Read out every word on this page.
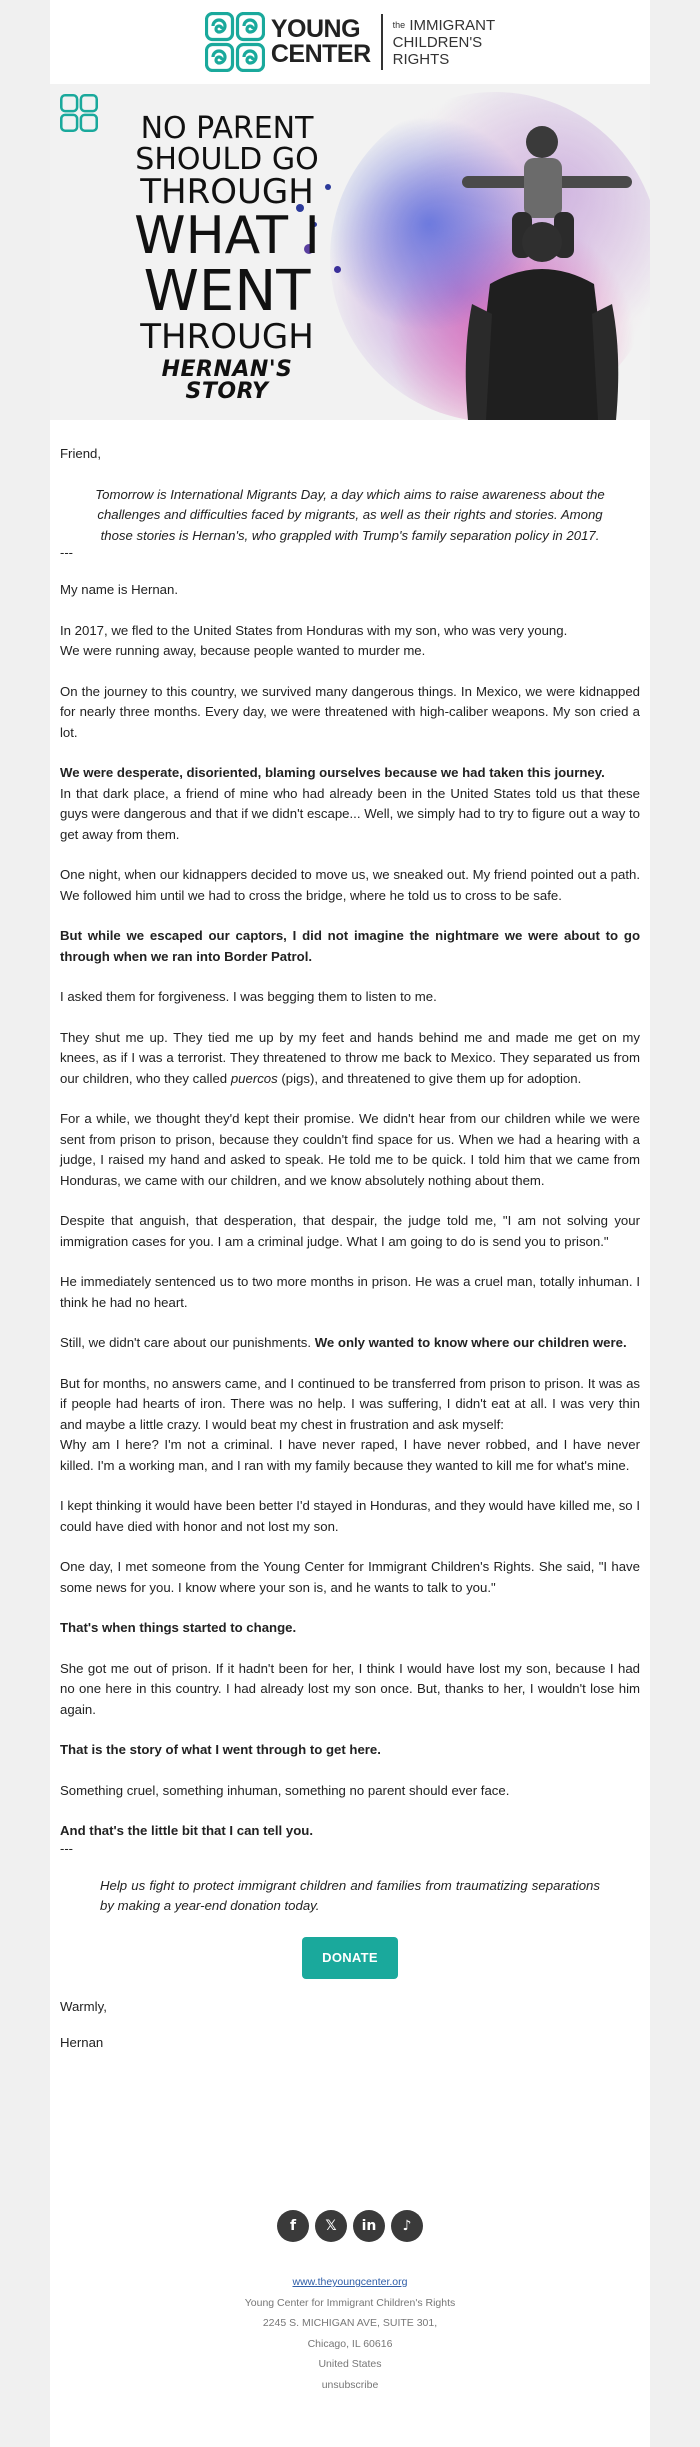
YOUNG
CENTER
$^{the}$ IMMIGRANT
CHILDREN'S
RIGHTS
NO PARENT
SHOULD GO
THROUGH
WHAT I
WENT
THROUGH
HERNAN'S STORY

Friend,

Tomorrow is International Migrants Day, a day which aims to raise awareness about the challenges and difficulties faced by migrants, as well as their rights and stories. Among those stories is Hernan's, who grappled with Trump's family separation policy in 2017.

---

My name is Hernan.

In 2017, we fled to the United States from Honduras with my son, who was very young.

We were running away, because people wanted to murder me.

On the journey to this country, we survived many dangerous things. In Mexico, we were kidnapped for nearly three months. Every day, we were threatened with high-caliber weapons. My son cried a lot.

We were desperate, disoriented, blaming ourselves because we had taken this journey.

In that dark place, a friend of mine who had already been in the United States told us that these guys were dangerous and that if we didn't escape... Well, we simply had to try to figure out a way to get away from them.

One night, when our kidnappers decided to move us, we sneaked out. My friend pointed out a path. We followed him until we had to cross the bridge, where he told us to cross to be safe.

But while we escaped our captors, I did not imagine the nightmare we were about to go through when we ran into Border Patrol.

I asked them for forgiveness. I was begging them to listen to me.

They shut me up. They tied me up by my feet and hands behind me and made me get on my knees, as if I was a terrorist. They threatened to throw me back to Mexico. They separated us from our children, who they called puercos (pigs), and threatened to give them up for adoption.

For a while, we thought they'd kept their promise. We didn't hear from our children while we were sent from prison to prison, because they couldn't find space for us. When we had a hearing with a judge, I raised my hand and asked to speak. He told me to be quick. I told him that we came from Honduras, we came with our children, and we know absolutely nothing about them.

Despite that anguish, that desperation, that despair, the judge told me, "I am not solving your immigration cases for you. I am a criminal judge. What I am going to do is send you to prison."

He immediately sentenced us to two more months in prison. He was a cruel man, totally inhuman. I think he had no heart.

Still, we didn't care about our punishments. We only wanted to know where our children were.

But for months, no answers came, and I continued to be transferred from prison to prison. It was as if people had hearts of iron. There was no help. I was suffering, I didn't eat at all. I was very thin and maybe a little crazy. I would beat my chest in frustration and ask myself:

Why am I here? I'm not a criminal. I have never raped, I have never robbed, and I have never killed. I'm a working man, and I ran with my family because they wanted to kill me for what's mine.

I kept thinking it would have been better I'd stayed in Honduras, and they would have killed me, so I could have died with honor and not lost my son.

One day, I met someone from the Young Center for Immigrant Children's Rights. She said, "I have some news for you. I know where your son is, and he wants to talk to you."

That's when things started to change.

She got me out of prison. If it hadn't been for her, I think I would have lost my son, because I had no one here in this country. I had already lost my son once. But, thanks to her, I wouldn't lose him again.

That is the story of what I went through to get here.

Something cruel, something inhuman, something no parent should ever face.

And that's the little bit that I can tell you.

---

Help us fight to protect immigrant children and families from traumatizing separations by making a year-end donation today.

DONATE

Warmly,

Hernan

f	𝕏	in	♪
www.theyoungcenter.org
Young Center for Immigrant Children's Rights
2245 S. MICHIGAN AVE, SUITE 301,
Chicago, IL 60616
United States
unsubscribe
